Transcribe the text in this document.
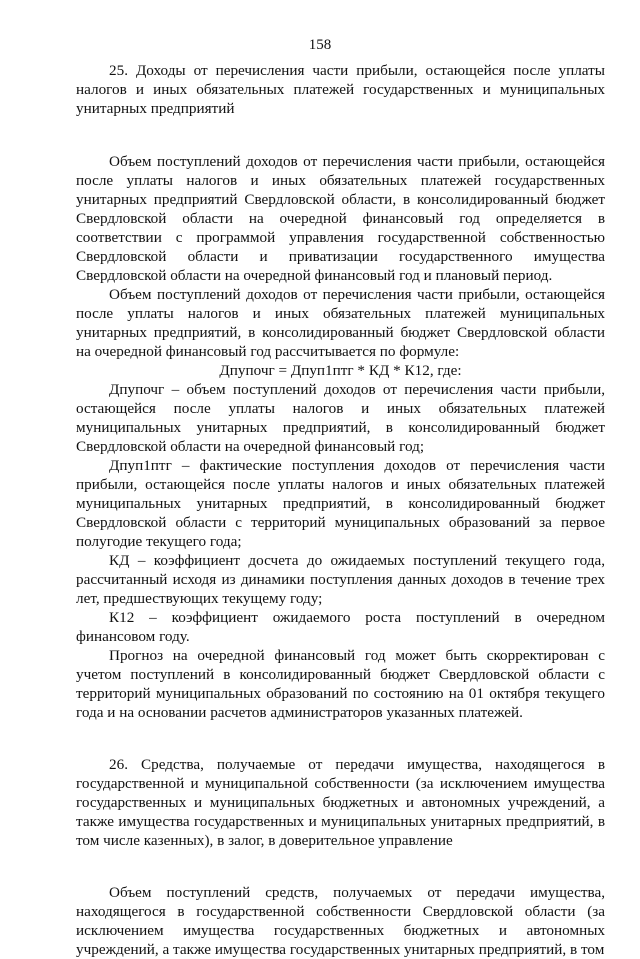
158

25. Доходы от перечисления части прибыли, остающейся после уплаты налогов и иных обязательных платежей государственных и муниципальных унитарных предприятий

Объем поступлений доходов от перечисления части прибыли, остающейся после уплаты налогов и иных обязательных платежей государственных унитарных предприятий Свердловской области, в консолидированный бюджет Свердловской области на очередной финансовый год определяется в соответствии с программой управления государственной собственностью Свердловской области и приватизации государственного имущества Свердловской области на очередной финансовый год и плановый период.

Объем поступлений доходов от перечисления части прибыли, остающейся после уплаты налогов и иных обязательных платежей муниципальных унитарных предприятий, в консолидированный бюджет Свердловской области на очередной финансовый год рассчитывается по формуле:

Дпупочг = Дпуп1птг * КД * К12, где:

Дпупочг – объем поступлений доходов от перечисления части прибыли, остающейся после уплаты налогов и иных обязательных платежей муниципальных унитарных предприятий, в консолидированный бюджет Свердловской области на очередной финансовый год;

Дпуп1птг – фактические поступления доходов от перечисления части прибыли, остающейся после уплаты налогов и иных обязательных платежей муниципальных унитарных предприятий, в консолидированный бюджет Свердловской области с территорий муниципальных образований за первое полугодие текущего года;

КД – коэффициент досчета до ожидаемых поступлений текущего года, рассчитанный исходя из динамики поступления данных доходов в течение трех лет, предшествующих текущему году;

К12 – коэффициент ожидаемого роста поступлений в очередном финансовом году.

Прогноз на очередной финансовый год может быть скорректирован с учетом поступлений в консолидированный бюджет Свердловской области с территорий муниципальных образований по состоянию на 01 октября текущего года и на основании расчетов администраторов указанных платежей.

26. Средства, получаемые от передачи имущества, находящегося в государственной и муниципальной собственности (за исключением имущества государственных и муниципальных бюджетных и автономных учреждений, а также имущества государственных и муниципальных унитарных предприятий, в том числе казенных), в залог, в доверительное управление

Объем поступлений средств, получаемых от передачи имущества, находящегося в государственной собственности Свердловской области (за исключением имущества государственных бюджетных и автономных учреждений, а также имущества государственных унитарных предприятий, в том
